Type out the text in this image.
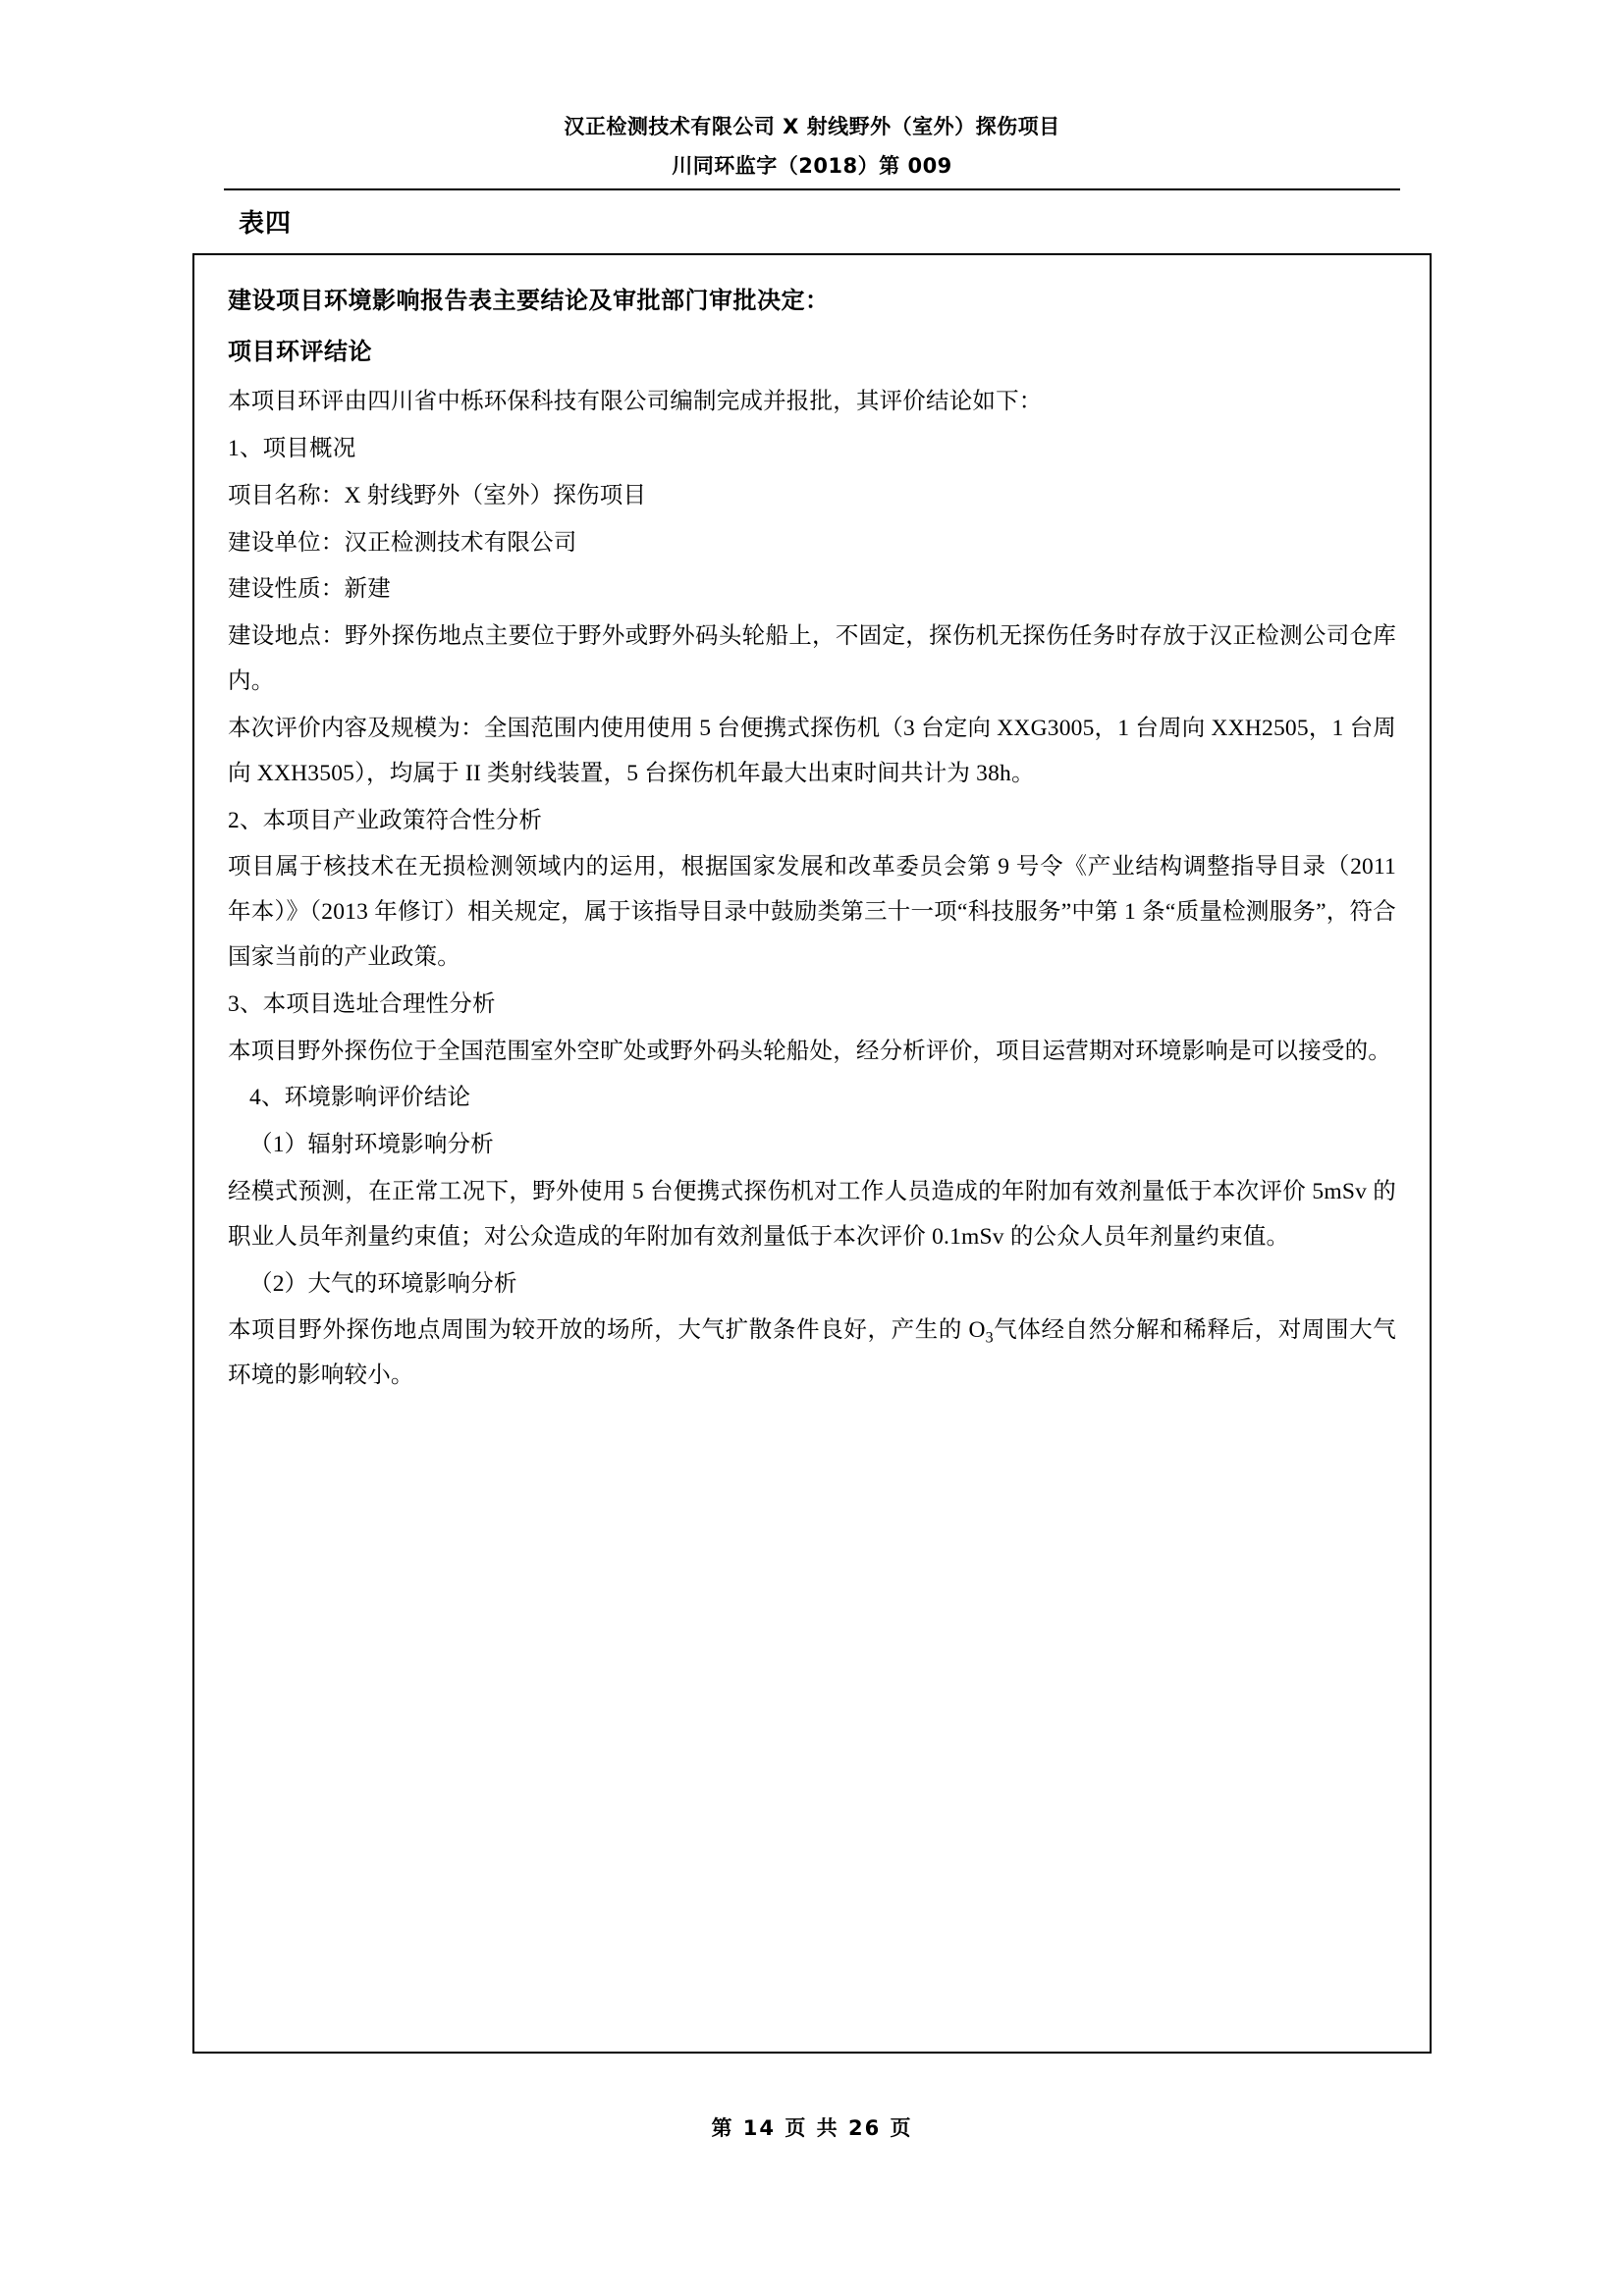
汉正检测技术有限公司 X 射线野外（室外）探伤项目
川同环监字（2018）第 009
表四
建设项目环境影响报告表主要结论及审批部门审批决定：
项目环评结论

本项目环评由四川省中栎环保科技有限公司编制完成并报批，其评价结论如下：

1、项目概况

项目名称：X 射线野外（室外）探伤项目

建设单位：汉正检测技术有限公司

建设性质：新建

建设地点：野外探伤地点主要位于野外或野外码头轮船上，不固定，探伤机无探伤任务时存放于汉正检测公司仓库内。

本次评价内容及规模为：全国范围内使用使用 5 台便携式探伤机（3 台定向 XXG3005，1 台周向 XXH2505，1 台周向 XXH3505），均属于 II 类射线装置，5 台探伤机年最大出束时间共计为 38h。

2、本项目产业政策符合性分析

项目属于核技术在无损检测领域内的运用，根据国家发展和改革委员会第 9 号令《产业结构调整指导目录（2011 年本）》（2013 年修订）相关规定，属于该指导目录中鼓励类第三十一项“科技服务”中第 1 条“质量检测服务”，符合国家当前的产业政策。

3、本项目选址合理性分析

本项目野外探伤位于全国范围室外空旷处或野外码头轮船处，经分析评价，项目运营期对环境影响是可以接受的。

4、环境影响评价结论

（1）辐射环境影响分析

经模式预测，在正常工况下，野外使用 5 台便携式探伤机对工作人员造成的年附加有效剂量低于本次评价 5mSv 的职业人员年剂量约束值；对公众造成的年附加有效剂量低于本次评价 0.1mSv 的公众人员年剂量约束值。

（2）大气的环境影响分析

本项目野外探伤地点周围为较开放的场所，大气扩散条件良好，产生的 $O_3$气体经自然分解和稀释后，对周围大气环境的影响较小。

第 14 页 共 26 页
